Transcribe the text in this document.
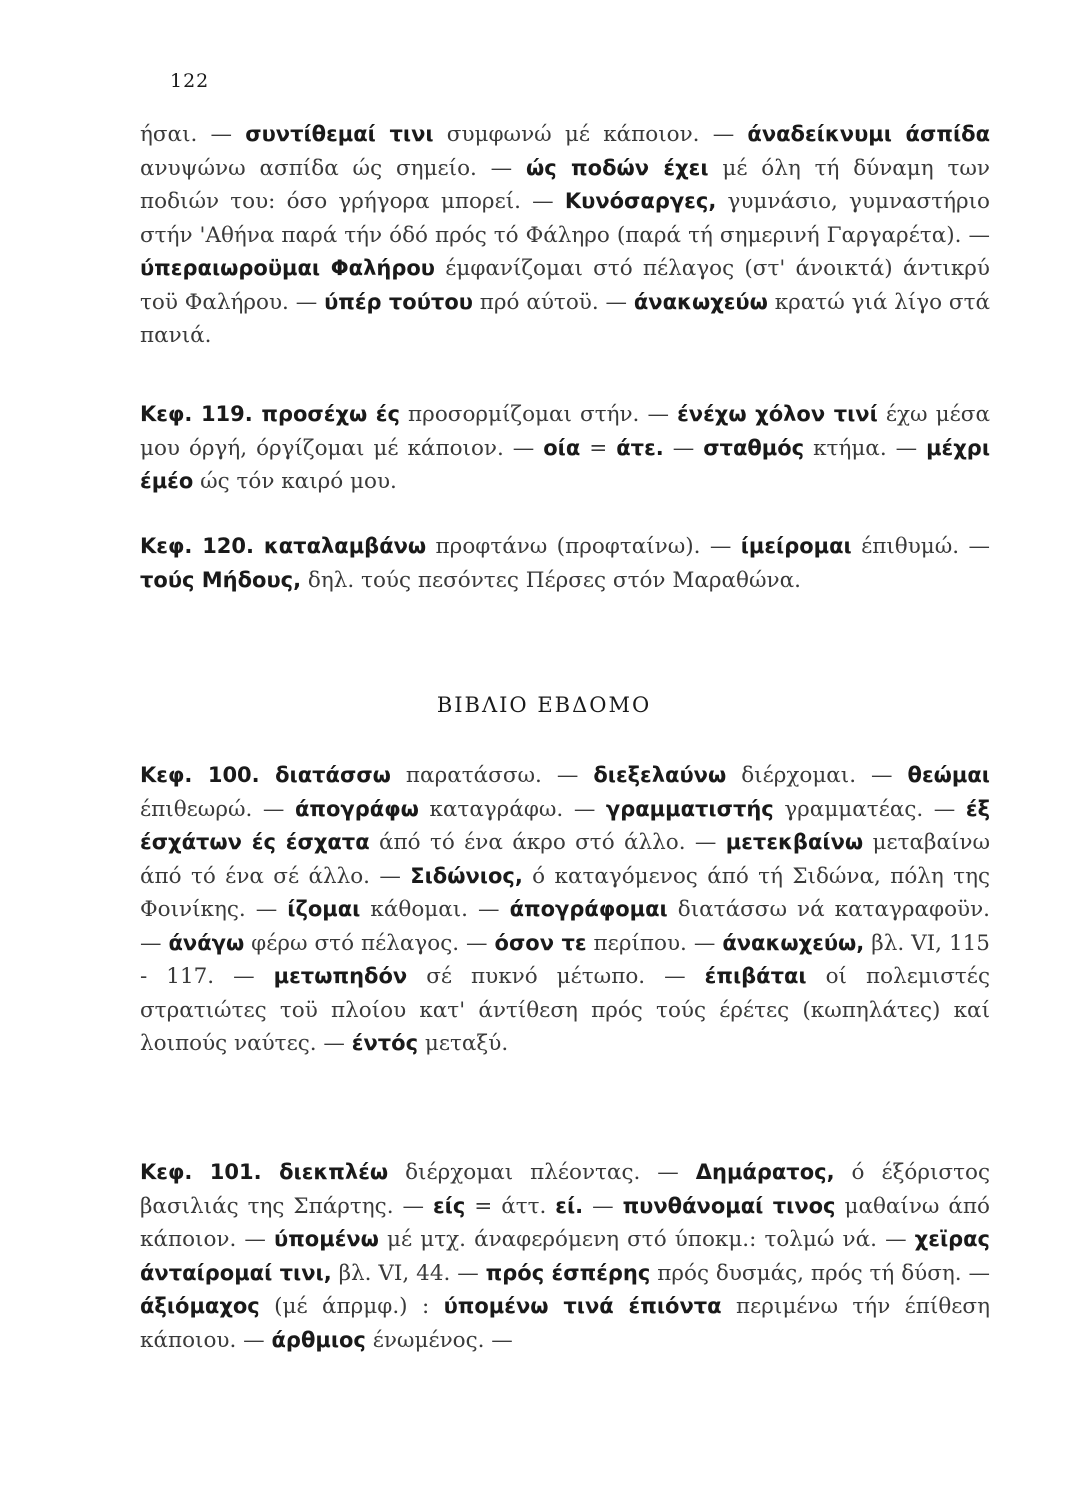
122

ήσαι. — συντίθεμαί τινι συμφωνώ μέ κάποιον. — άναδείκνυμι άσπίδα ανυψώνω ασπίδα ώς σημείο. — ώς ποδών έχει μέ όλη τή δύναμη των ποδιών του: όσο γρήγορα μπορεί. — Κυνόσαργες, γυμνάσιο, γυμναστήριο στήν 'Αθήνα παρά τήν όδό πρός τό Φάληρο (παρά τή σημερινή Γαργαρέτα). — ύπεραιωροϋμαι Φαλήρου έμφανίζομαι στό πέλαγος (στ' άνοικτά) άντικρύ τοϋ Φαλήρου. — ύπέρ τούτου πρό αύτοϋ. — άνακωχεύω κρατώ γιά λίγο στά πανιά.

Κεφ. 119. προσέχω ές προσορμίζομαι στήν. — ένέχω χόλον τινί έχω μέσα μου όργή, όργίζομαι μέ κάποιον. — οία = άτε. — σταθμός κτήμα. — μέχρι έμέο ώς τόν καιρό μου.

Κεφ. 120. καταλαμβάνω προφτάνω (προφταίνω). — ίμείρομαι έπιθυμώ. — τούς Μήδους, δηλ. τούς πεσόντες Πέρσες στόν Μαραθώνα.

ΒΙΒΛΙΟ ΕΒΔΟΜΟ

Κεφ. 100. διατάσσω παρατάσσω. — διεξελαύνω διέρχομαι. — θεώμαι έπιθεωρώ. — άπογράφω καταγράφω. — γραμματιστής γραμματέας. — έξ έσχάτων ές έσχατα άπό τό ένα άκρο στό άλλο. — μετεκβαίνω μεταβαίνω άπό τό ένα σέ άλλο. — Σιδώνιος, ό καταγόμενος άπό τή Σιδώνα, πόλη της Φοινίκης. — ίζομαι κάθομαι. — άπογράφομαι διατάσσω νά καταγραφοϋν. — άνάγω φέρω στό πέλαγος. — όσον τε περίπου. — άνακωχεύω, βλ. VI, 115 - 117. — μετωπηδόν σέ πυκνό μέτωπο. — έπιβάται οί πολεμιστές στρατιώτες τοϋ πλοίου κατ' άντίθεση πρός τούς έρέτες (κωπηλάτες) καί λοιπούς ναύτες. — έντός μεταξύ.

Κεφ. 101. διεκπλέω διέρχομαι πλέοντας. — Δημάρατος, ό έξόριστος βασιλιάς της Σπάρτης. — είς = άττ. εί. — πυνθάνομαί τινος μαθαίνω άπό κάποιον. — ύπομένω μέ μτχ. άναφερόμενη στό ύποκμ.: τολμώ νά. — χεϊρας άνταίρομαί τινι, βλ. VI, 44. — πρός έσπέρης πρός δυσμάς, πρός τή δύση. — άξιόμαχος (μέ άπρμφ.) : ύπομένω τινά έπιόντα περιμένω τήν έπίθεση κάποιου. — άρθμιος ένωμένος. —
